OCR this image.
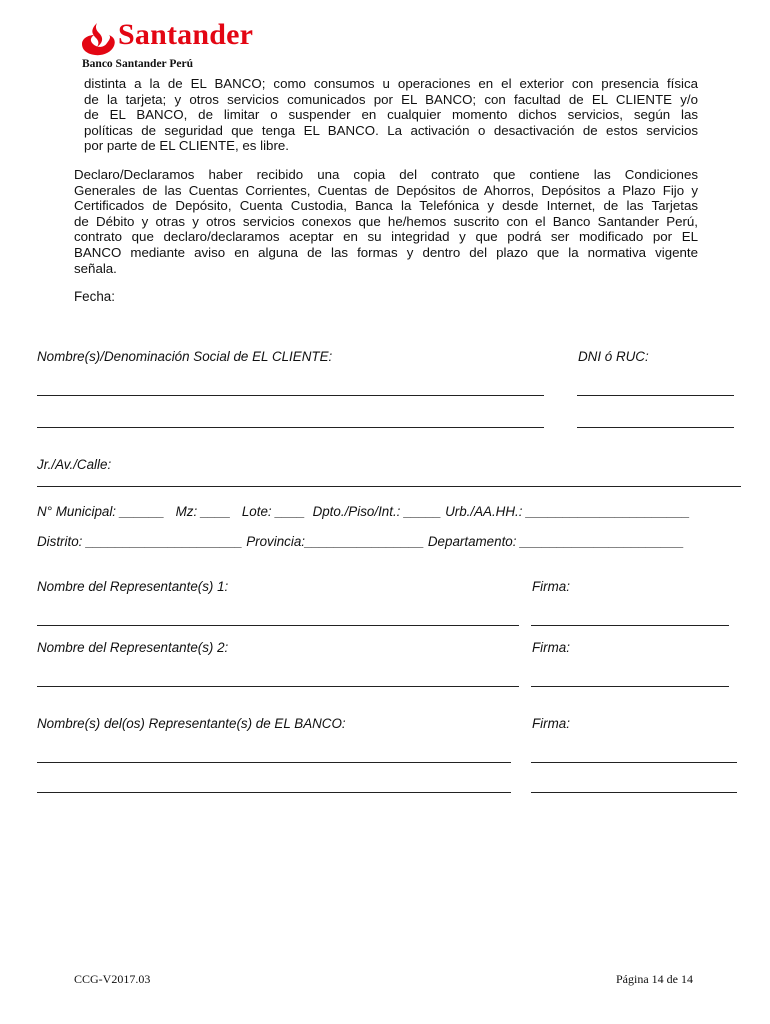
Santander

Banco Santander Perú
distinta a la de EL BANCO; como consumos u operaciones en el exterior con presencia física
de la tarjeta; y otros servicios comunicados por EL BANCO; con facultad de EL CLIENTE y/o
de EL BANCO, de limitar o suspender en cualquier momento dichos servicios, según las
políticas de seguridad que tenga EL BANCO. La activación o desactivación de estos servicios
por parte de EL CLIENTE, es libre.
Declaro/Declaramos haber recibido una copia del contrato que contiene las Condiciones
Generales de las Cuentas Corrientes, Cuentas de Depósitos de Ahorros, Depósitos a Plazo Fijo y
Certificados de Depósito, Cuenta Custodia, Banca la Telefónica y desde Internet, de las Tarjetas
de Débito y otras y otros servicios conexos que he/hemos suscrito con el Banco Santander Perú,
contrato que declaro/declaramos aceptar en su integridad y que podrá ser modificado por EL
BANCO mediante aviso en alguna de las formas y dentro del plazo que la normativa vigente
señala.
Fecha:
Nombre(s)/Denominación Social de EL CLIENTE:	DNI ó RUC:
Jr./Av./Calle:
N° Municipal: ______   Mz: ____   Lote: ____  Dpto./Piso/Int.: _____ Urb./AA.HH.: ______________________
Distrito: _____________________ Provincia:________________ Departamento: ______________________
Nombre del Representante(s) 1:	Firma:
Nombre del Representante(s) 2:	Firma:
Nombre(s) del(os) Representante(s) de EL BANCO:	Firma:
CCG-V2017.03	Página 14 de 14
